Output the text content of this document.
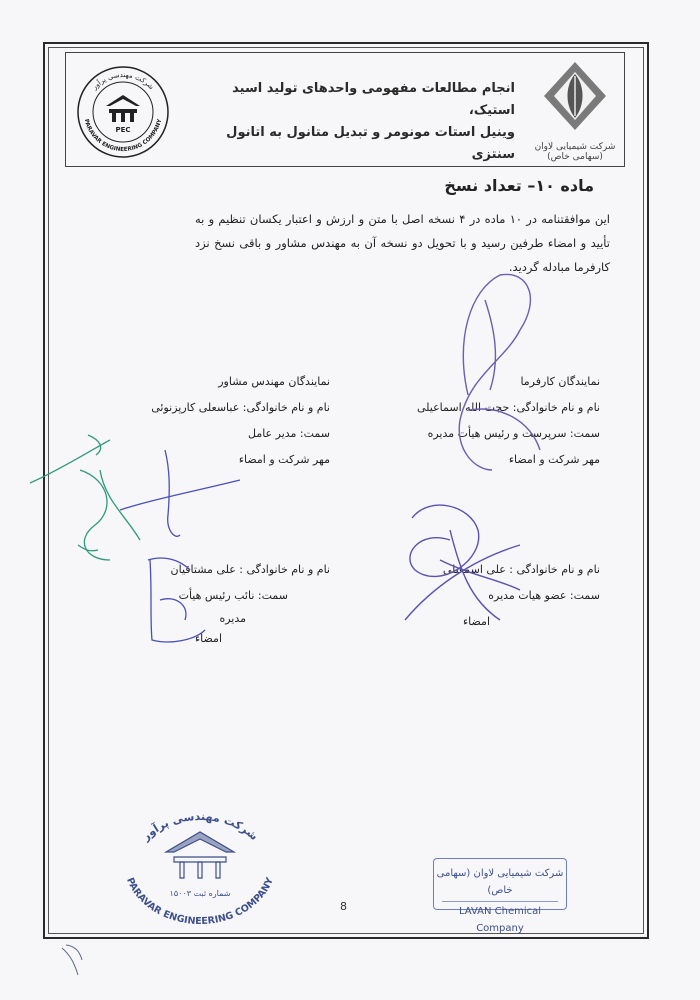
شرکت مهندسی پرآور
PARAVAR ENGINEERING COMPANY
PEC
انجام مطالعات مفهومی واحدهای تولید اسید استیک،
وینیل استات مونومر و تبدیل متانول به اتانول سنتزی	شرکت شیمیایی لاوان (سهامی خاص)
ماده ۱۰– تعداد نسخ
این موافقتنامه در ۱۰ ماده در ۴ نسخه اصل با متن و ارزش و اعتبار یکسان تنظیم و به تأیید و امضاء طرفین رسید و با تحویل دو نسخه آن به مهندس مشاور و باقی نسخ نزد کارفرما مبادله گردید.
نمایندگان کارفرما
نام و نام خانوادگی: حجت الله اسماعیلی
سمت: سرپرست و رئیس هیأت مدیره
مهر شرکت و امضاء
نمایندگان مهندس مشاور
نام و نام خانوادگی: عباسعلی کارپزنوئی
سمت: مدیر عامل
مهر شرکت و امضاء
نام و نام خانوادگی : علی اسمعیلی
سمت: عضو هیات مدیره
امضاء
نام و نام خانوادگی : علی مشتاقیان
سمت: نائب رئیس هیأت
مدیره
امضاء
شرکت مهندسی پرآور
شماره ثبت ۱۵۰۰۳
PARAVAR ENGINEERING COMPANY
8
شرکت شیمیایی لاوان (سهامی خاص)
LAVAN Chemical Company
